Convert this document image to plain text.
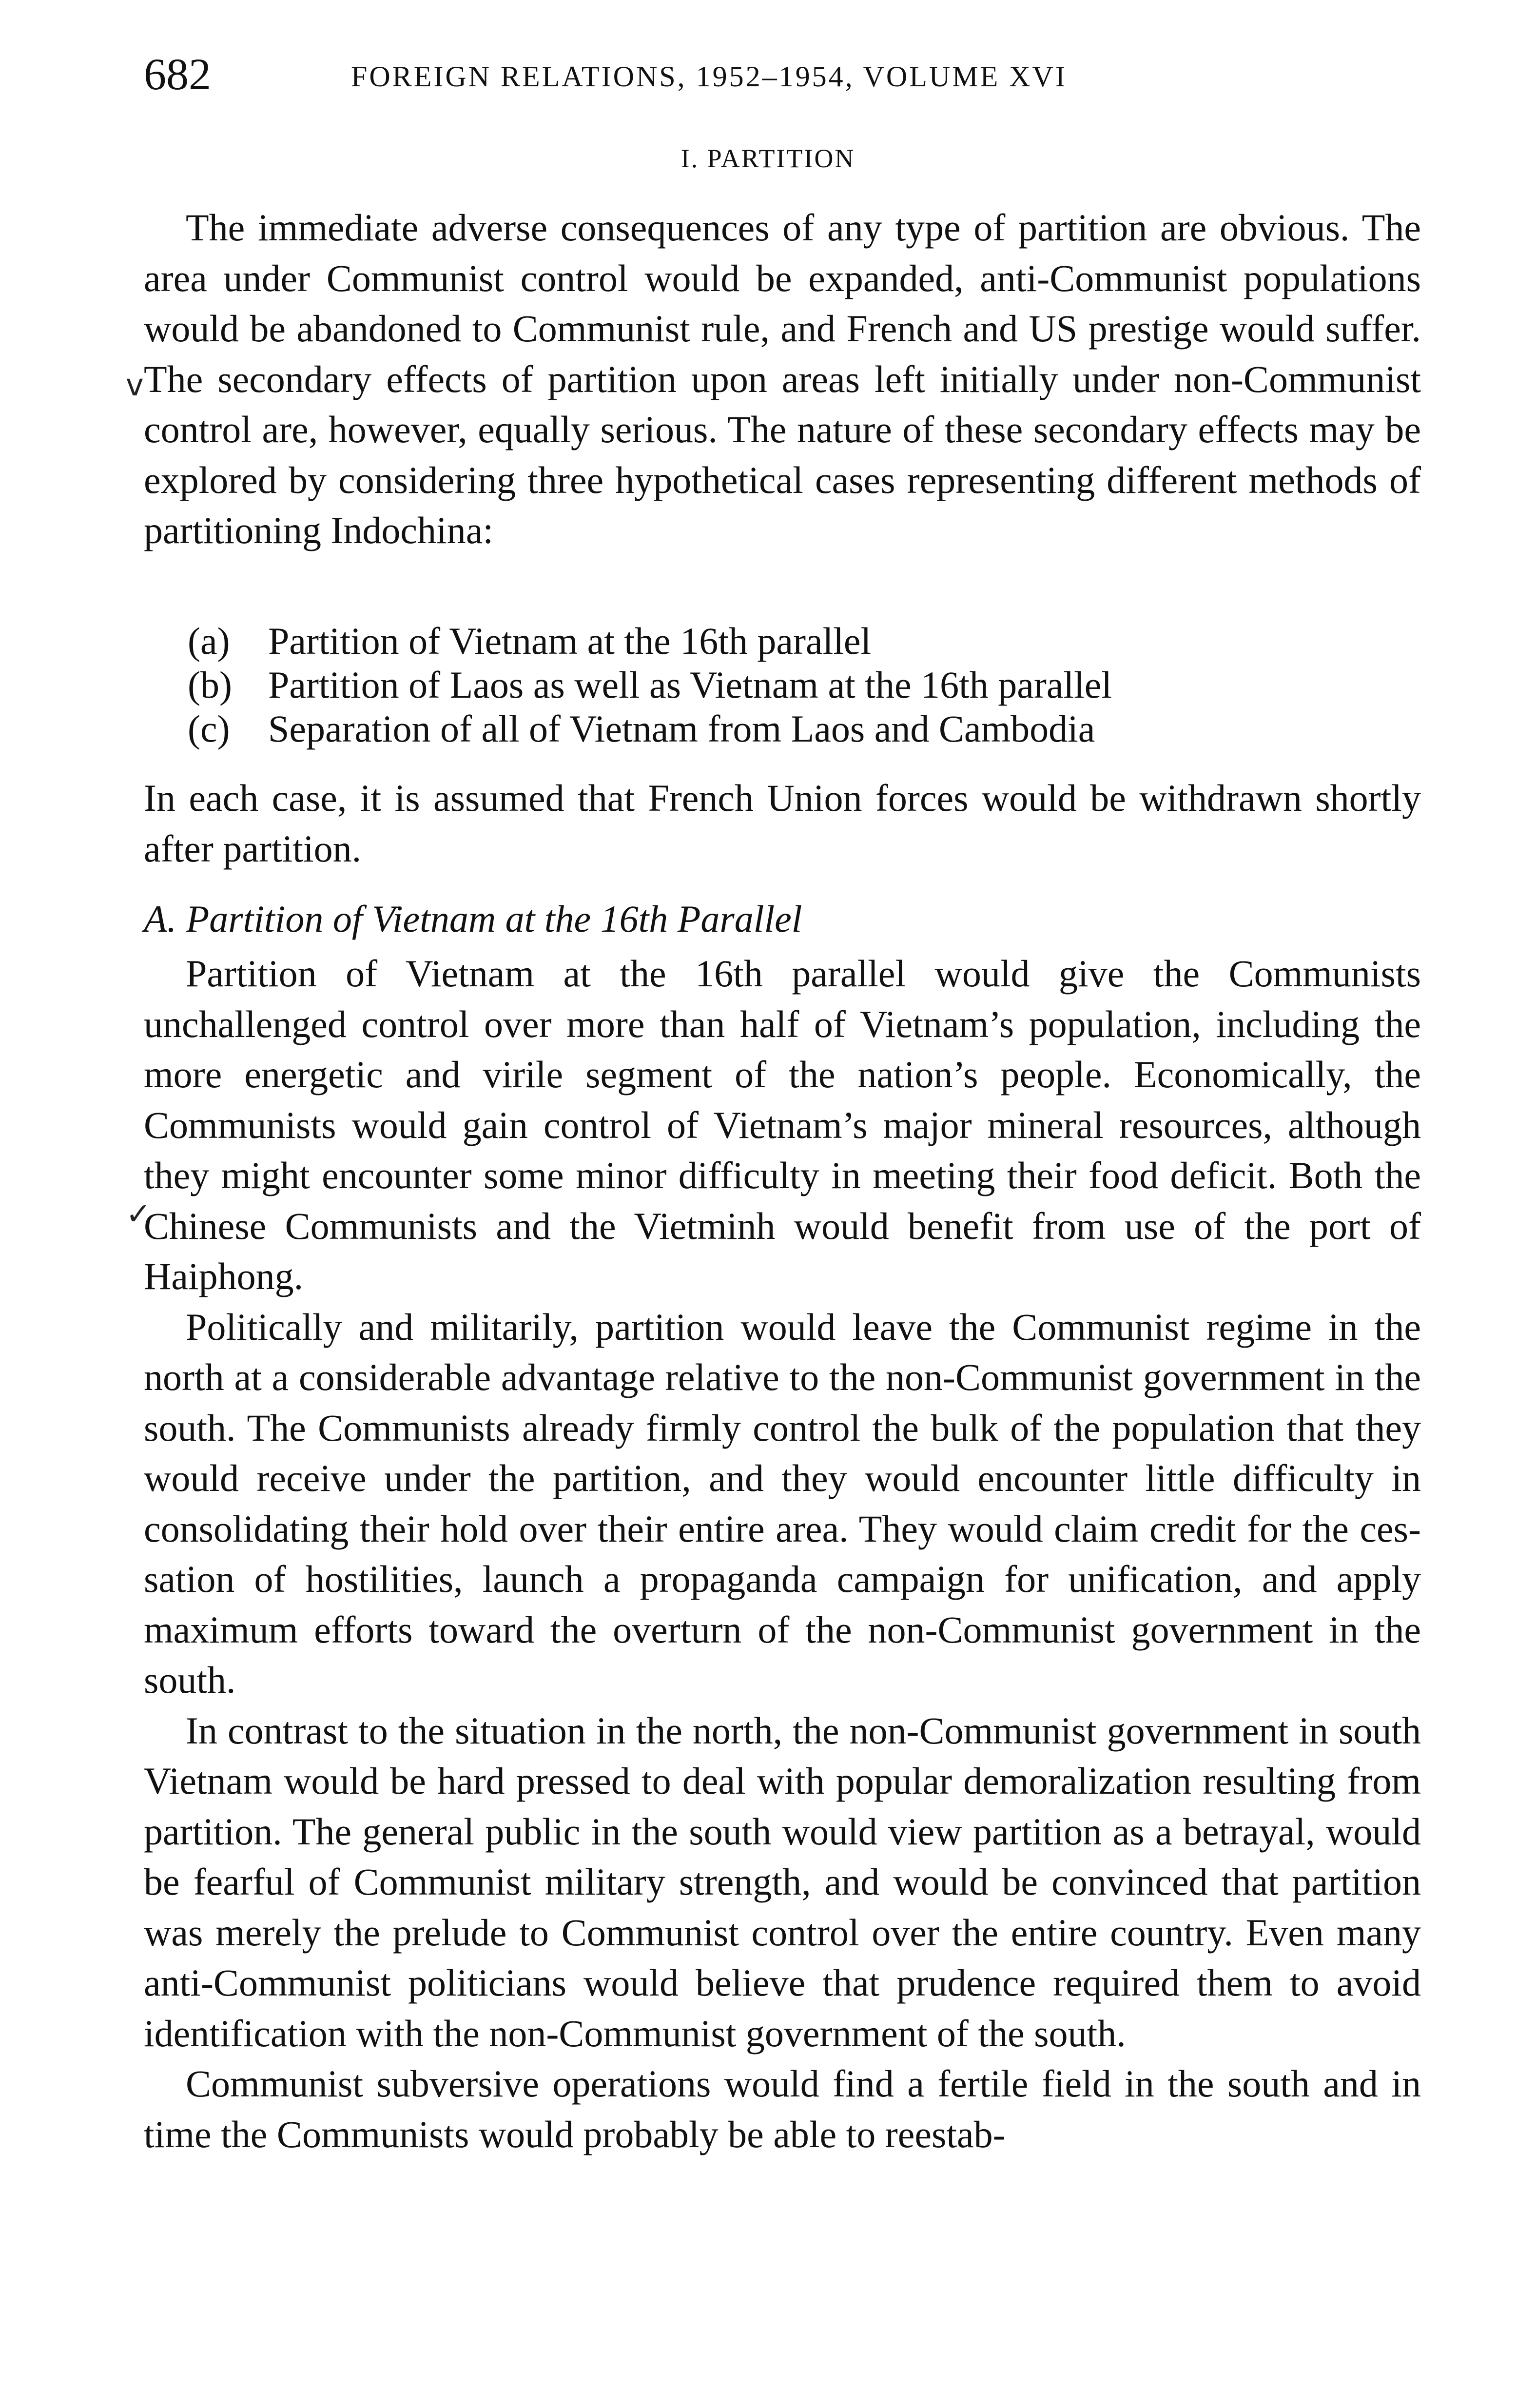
682	FOREIGN RELATIONS, 1952–1954, VOLUME XVI
I. PARTITION
v

The immediate adverse consequences of any type of partition are obvious. The area under Communist control would be expanded, anti-Communist populations would be abandoned to Communist rule, and French and US prestige would suffer. The secondary effects of partition upon areas left initially under non-Communist control are, however, equally serious. The nature of these secondary effects may be explored by considering three hypothetical cases representing different methods of partitioning Indochina:

(a) Partition of Vietnam at the 16th parallel
(b) Partition of Laos as well as Vietnam at the 16th parallel
(c) Separation of all of Vietnam from Laos and Cambodia

In each case, it is assumed that French Union forces would be withdrawn shortly after partition.

A. Partition of Vietnam at the 16th Parallel
✓

Partition of Vietnam at the 16th parallel would give the Communists unchallenged control over more than half of Vietnam’s population, including the more energetic and virile segment of the nation’s people. Economically, the Communists would gain control of Vietnam’s major mineral resources, although they might encounter some minor difficulty in meeting their food deficit. Both the Chinese Communists and the Vietminh would benefit from use of the port of Haiphong.

Politically and militarily, partition would leave the Communist regime in the north at a considerable advantage relative to the non-Communist government in the south. The Communists already firmly control the bulk of the population that they would receive under the partition, and they would encounter little difficulty in consolidating their hold over their entire area. They would claim credit for the cessation of hostilities, launch a propaganda campaign for unification, and apply maximum efforts toward the overturn of the non-Communist government in the south.

In contrast to the situation in the north, the non-Communist government in south Vietnam would be hard pressed to deal with popular demoralization resulting from partition. The general public in the south would view partition as a betrayal, would be fearful of Communist military strength, and would be convinced that partition was merely the prelude to Communist control over the entire country. Even many anti-Communist politicians would believe that prudence required them to avoid identification with the non-Communist government of the south.

Communist subversive operations would find a fertile field in the south and in time the Communists would probably be able to reestab-
